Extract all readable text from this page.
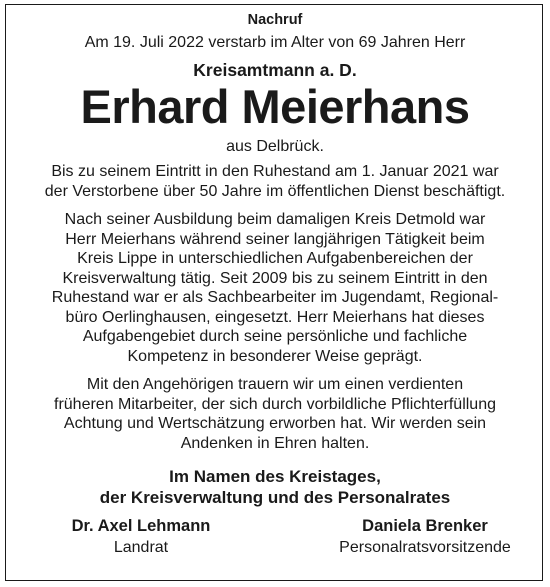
Nachruf
Am 19. Juli 2022 verstarb im Alter von 69 Jahren Herr
Kreisamtmann a. D.
Erhard Meierhans
aus Delbrück.
Bis zu seinem Eintritt in den Ruhestand am 1. Januar 2021 war
der Verstorbene über 50 Jahre im öffentlichen Dienst beschäftigt.
Nach seiner Ausbildung beim damaligen Kreis Detmold war
Herr Meierhans während seiner langjährigen Tätigkeit beim
Kreis Lippe in unterschiedlichen Aufgabenbereichen der
Kreisverwaltung tätig. Seit 2009 bis zu seinem Eintritt in den
Ruhestand war er als Sachbearbeiter im Jugendamt, Regional-
büro Oerlinghausen, eingesetzt. Herr Meierhans hat dieses
Aufgabengebiet durch seine persönliche und fachliche
Kompetenz in besonderer Weise geprägt.
Mit den Angehörigen trauern wir um einen verdienten
früheren Mitarbeiter, der sich durch vorbildliche Pflichterfüllung
Achtung und Wertschätzung erworben hat. Wir werden sein
Andenken in Ehren halten.
Im Namen des Kreistages,
der Kreisverwaltung und des Personalrates
Dr. Axel Lehmann
Landrat
Daniela Brenker
Personalratsvorsitzende
